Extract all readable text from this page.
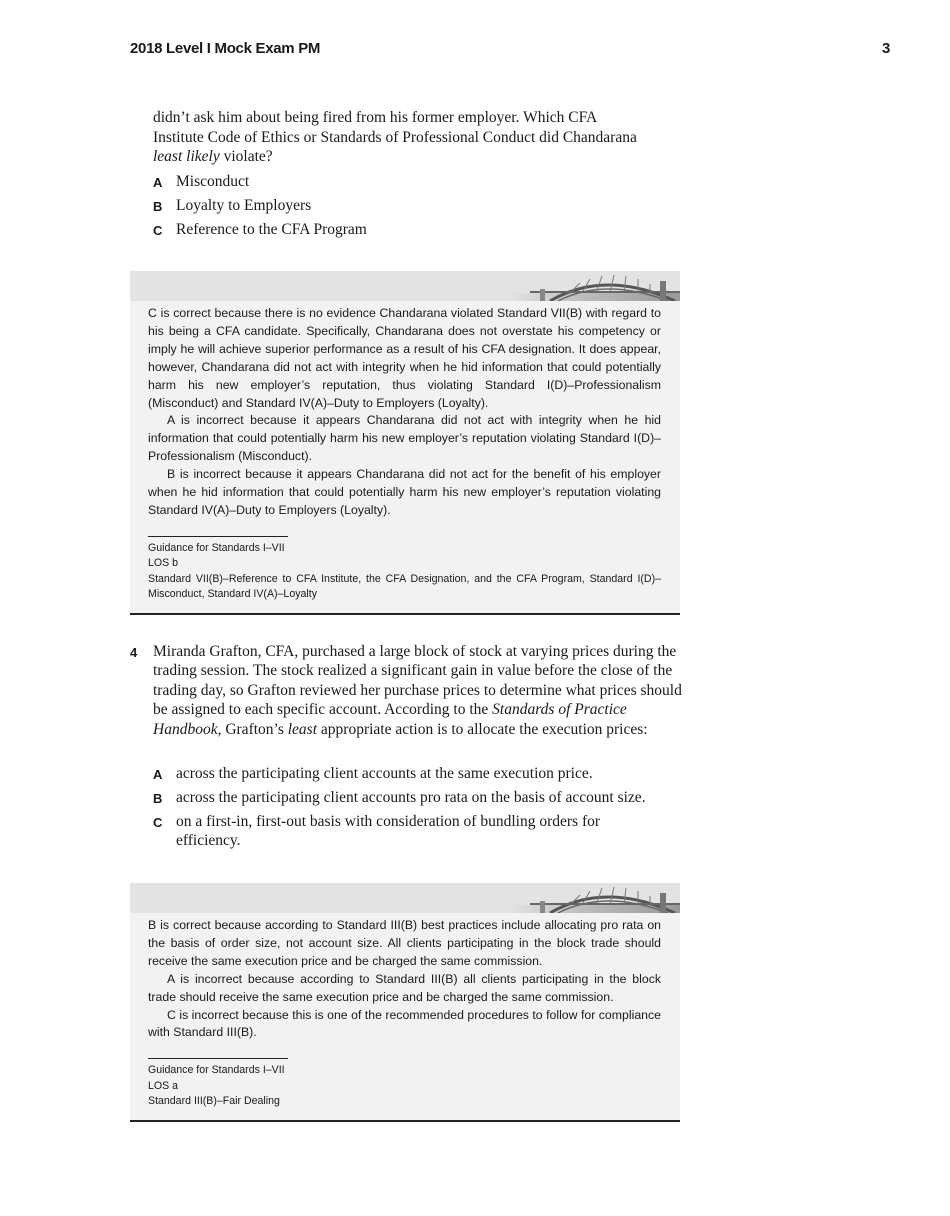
2018 Level I Mock Exam PM	3
didn’t ask him about being fired from his former employer. Which CFA
Institute Code of Ethics or Standards of Professional Conduct did Chandarana
least likely violate?
A Misconduct
B Loyalty to Employers
C Reference to the CFA Program

C is correct because there is no evidence Chandarana violated Standard VII(B) with regard to his being a CFA candidate. Specifically, Chandarana does not overstate his competency or imply he will achieve superior performance as a result of his CFA designation. It does appear, however, Chandarana did not act with integrity when he hid information that could potentially harm his new employer’s reputation, thus violating Standard I(D)–Professionalism (Misconduct) and Standard IV(A)–Duty to Employers (Loyalty).

A is incorrect because it appears Chandarana did not act with integrity when he hid information that could potentially harm his new employer’s reputation violating Standard I(D)–Professionalism (Misconduct).

B is incorrect because it appears Chandarana did not act for the benefit of his employer when he hid information that could potentially harm his new employer’s reputation violating Standard IV(A)–Duty to Employers (Loyalty).

Guidance for Standards I–VII
LOS b
Standard VII(B)–Reference to CFA Institute, the CFA Designation, and the CFA Program, Standard I(D)–Misconduct, Standard IV(A)–Loyalty
4 Miranda Grafton, CFA, purchased a large block of stock at varying prices during the trading session. The stock realized a significant gain in value before the close of the trading day, so Grafton reviewed her purchase prices to determine what prices should be assigned to each specific account. According to the Standards of Practice Handbook, Grafton’s least appropriate action is to allocate the execution prices:
A across the participating client accounts at the same execution price.
B across the participating client accounts pro rata on the basis of account size.
C on a first-in, first-out basis with consideration of bundling orders for efficiency.

B is correct because according to Standard III(B) best practices include allocating pro rata on the basis of order size, not account size. All clients participating in the block trade should receive the same execution price and be charged the same commission.

A is incorrect because according to Standard III(B) all clients participating in the block trade should receive the same execution price and be charged the same commission.

C is incorrect because this is one of the recommended procedures to follow for compliance with Standard III(B).

Guidance for Standards I–VII
LOS a
Standard III(B)–Fair Dealing
